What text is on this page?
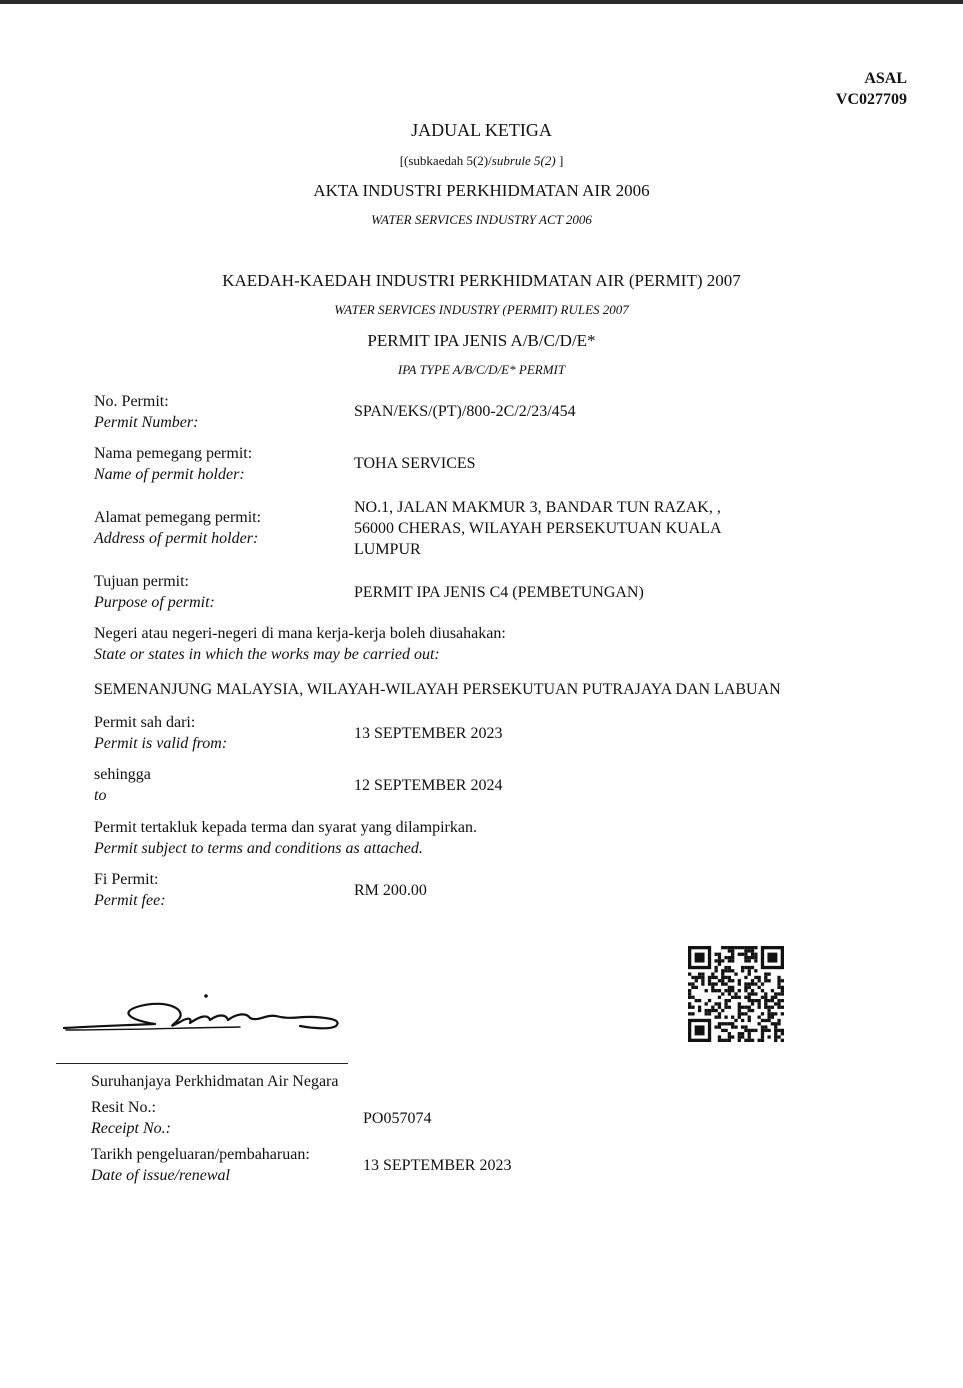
ASAL
VC027709
JADUAL KETIGA
[(subkaedah 5(2)/subrule 5(2) ]
AKTA INDUSTRI PERKHIDMATAN AIR 2006
WATER SERVICES INDUSTRY ACT 2006
KAEDAH-KAEDAH INDUSTRI PERKHIDMATAN AIR (PERMIT) 2007
WATER SERVICES INDUSTRY (PERMIT) RULES 2007
PERMIT IPA JENIS A/B/C/D/E*
IPA TYPE A/B/C/D/E* PERMIT
No. Permit:
Permit Number:
SPAN/EKS/(PT)/800-2C/2/23/454
Nama pemegang permit:
Name of permit holder:
TOHA SERVICES
Alamat pemegang permit:
Address of permit holder:
NO.1, JALAN MAKMUR 3, BANDAR TUN RAZAK, ,
56000 CHERAS, WILAYAH PERSEKUTUAN KUALA
LUMPUR
Tujuan permit:
Purpose of permit:
PERMIT IPA JENIS C4 (PEMBETUNGAN)
Negeri atau negeri-negeri di mana kerja-kerja boleh diusahakan:
State or states in which the works may be carried out:
SEMENANJUNG MALAYSIA, WILAYAH-WILAYAH PERSEKUTUAN PUTRAJAYA DAN LABUAN
Permit sah dari:
Permit is valid from:
13 SEPTEMBER 2023
sehingga
to
12 SEPTEMBER 2024
Permit tertakluk kepada terma dan syarat yang dilampirkan.
Permit subject to terms and conditions as attached.
Fi Permit:
Permit fee:
RM 200.00
Suruhanjaya Perkhidmatan Air Negara
Resit No.:
Receipt No.:
PO057074
Tarikh pengeluaran/pembaharuan:
Date of issue/renewal
13 SEPTEMBER 2023
